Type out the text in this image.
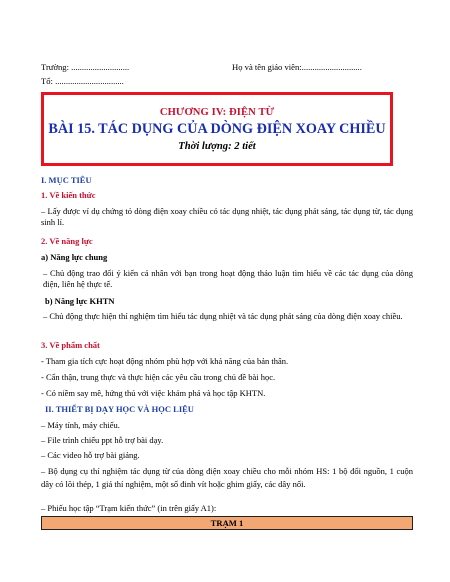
Trường: ...........................	Họ và tên giáo viên:............................
Tổ: ................................
CHƯƠNG IV: ĐIỆN TỪ
BÀI 15. TÁC DỤNG CỦA DÒNG ĐIỆN XOAY CHIỀU
Thời lượng: 2 tiết
I. MỤC TIÊU
1. Về kiến thức
– Lấy được ví dụ chứng tỏ dòng điện xoay chiều có tác dụng nhiệt, tác dụng phát sáng, tác dụng từ, tác dụng sinh lí.
2. Về năng lực
a) Năng lực chung
– Chủ động trao đổi ý kiến cá nhân với bạn trong hoạt động thảo luận tìm hiểu về các tác dụng của dòng điện, liên hệ thực tế.
b) Năng lực KHTN
– Chủ động thực hiện thí nghiệm tìm hiểu tác dụng nhiệt và tác dụng phát sáng của dòng điện xoay chiều.
3. Về phẩm chất
- Tham gia tích cực hoạt động nhóm phù hợp với khả năng của bản thân.
- Cẩn thận, trung thực và thực hiện các yêu cầu trong chủ đề bài học.
- Có niềm say mê, hứng thú với việc khám phá và học tập KHTN.
II. THIẾT BỊ DẠY HỌC VÀ HỌC LIỆU
– Máy tính, máy chiếu.
– File trình chiếu ppt hỗ trợ bài dạy.
– Các video hỗ trợ bài giảng.
– Bộ dụng cụ thí nghiệm tác dụng từ của dòng điện xoay chiều cho mỗi nhóm HS: 1 bộ đổi nguồn, 1 cuộn dây có lõi thép, 1 giá thí nghiệm, một số đinh vít hoặc ghim giấy, các dây nối.
– Phiếu học tập “Trạm kiến thức” (in trên giấy A1):
TRẠM 1
